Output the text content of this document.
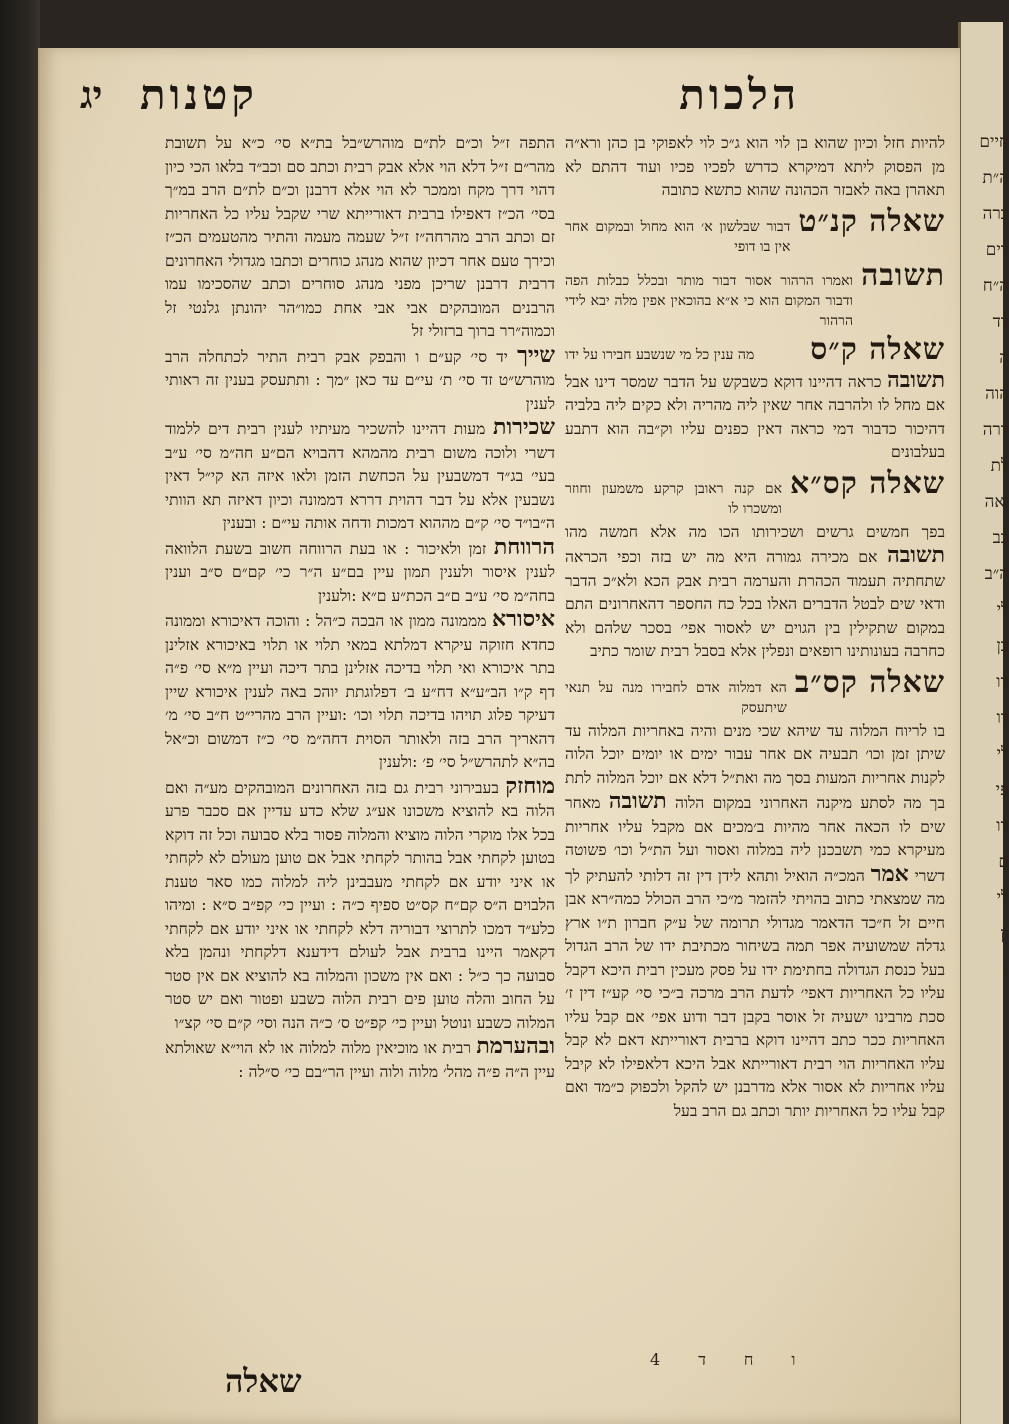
חיים
ה״ת
ברה
דים
ה״ח
דד
ה
הוה
דרה
לת
ואה
בב
ה״ב
לי
בן
רו
דו
לי
פי
רו
ם
לי
ון
ן
הלכות
קטנות
יג

להיות חזל וכיון שהוא בן לוי הוא ג״כ לוי לאפוקי בן כהן ורא״ה מן הפסוק ליתא דמיקרא כדרש לפכיו פכיו ועוד דהתם לא תאהרן באה לאבזר הכהונה שהוא כתשא כתובה

שאלה קנ״ט
דבור שבלשון א׳ הוא מחול ובמקום אחר אין בו דופי
תשובה
ואמרו הרהור אסור דבור מותר ובכלל כבלות הפה ודבור המקום הוא כי א״א בהוכאין אפין מלה יבא לידי הרהור
שאלה ק״ס
מה ענין כל מי שנשבע חבירו על ידו

תשובה כראה דהיינו דוקא כשבקש על הדבר שמסר דינו אבל אם מחל לו ולהרבה אחר שאין ליה מהריה ולא כקים ליה בלביה דהיכור כדבור דמי כראה דאין כפנים עליו וק״בה הוא דתבע בעלבונים

שאלה קס״א
אם קנה ראובן קרקע משמעון וחוזר ומשכרו לו

בפך חמשים גרשים ושכירותו הכו מה אלא חמשה מהו תשובה אם מכירה גמורה היא מה יש בזה וכפי הכראה שתחתיה תעמוד הכהרת והערמה רבית אבק הכא ולא״כ הדבר ודאי שים לבטל הדברים האלו בכל כח החספר דהאחרונים התם במקום שתקילין בין הגוים יש לאסור אפי׳ בסכר שלהם ולא כחרבה בעונותינו רופאים ונפלין אלא בסבל רבית שומר כתיב

שאלה קס״ב
הא דמלוה אדם לחבירו מנה על תנאי שיתעסק

בו לריוח המלוה עד שיהא שכי מנים והיה באחריות המלוה עד שיתן זמן וכו׳ תבעיה אם אחר עבור ימים או יומים יוכל הלוה לקנות אחריות המעות בסך מה ואת״ל דלא אם יוכל המלוה לתת בך מה לסתע מיקנה האחרוני במקום הלוה תשובה מאחר שים לו הכאה אחר מהיות ב׳מכים אם מקבל עליו אחריות מעיקרא כמי תשבכנן ליה במלוה ואסור ועל הת״ל וכו׳ פשוטה דשרי אמר המכ״ה הואיל ותהא לידן דין זה דלותי להעתיק לך מה שמצאתי כתוב בהויתי להזמר מ״כי הרב הכולל כמה״רא אבן חיים זל ח״כד הדאמר מגדולי תרומה של ע״ק חברון ת״ו ארץ גדלה שמשועיה אפר תמה בשיחור מכתיבת ידו של הרב הגדול בעל כנסת הגדולה בחתימת ידו על פסק מעכין רבית היכא דקבל עליו כל האחריות דאפי׳ לדעת הרב מרכה ב״כי סי׳ קע״ז דין ז׳ סכת מרבינו ישעיה זל אוסר בקבן דבר ודוע אפי׳ אם קבל עליו האחריות ככר כתב דהיינו דוקא ברבית דאורייתא דאם לא קבל עליו האחריות הוי רבית דאורייתא אבל היכא דלאפילו לא קיבל עליו אחריות לא אסור אלא מדרבנן יש להקל ולכפוק כ״מד ואם קבל עליו כל האחריות יותר וכתב גם הרב בעל

התפה ז״ל וכ״ם לת״ם מוהרש״בל בת״א סי׳ כ״א על תשובת מהר״ם ז״ל דלא הוי אלא אבק רבית וכתב סם וכב״ד בלאו הכי כיון דהוי דרך מקח וממכר לא הוי אלא דרבנן וכ״ם לת״ם הרב במ״ך בסי׳ הכ״ז דאפילו ברבית דאורייתא שרי שקבל עליו כל האחריות זם וכתב הרב מהרחה״ז ז״ל שעמה מעמה והתיר מהטעמים הכ״ז וכירך טעם אחר דכיון שהוא מנהג כוחרים וכתבו מגדולי האחרונים דרבית דרבנן שריכן מפני מנהג סוחרים וכתב שהסכימו עמו הרבנים המובהקים אבי אבי אחת כמו״הר יהונתן גלנטי זל וכמוה״רר ברוך ברזולי זל

שייך יד סי׳ קע״ם ו והבפק אבק רבית התיר לכתחלה הרב מוהרש״ט זד סי׳ ת׳ עי״ם עד כאן ״מך : ותתעסק בענין זה ראותי לענין

שכירות מעות דהיינו להשכיר מעיתיו לענין רבית דים ללמוד דשרי ולוכה משום רבית מהמהא דהבויא הם״ע חה״מ סי׳ ע״ב בעי׳ בג״ד דמשבעין על הכחשת הזמן ולאו איזה הא קי״ל דאין נשבעין אלא על דבר דהוית דררא דממונה וכיון דאיזה תא הוותי ה״בו״ד סי׳ ק״ם מההוא דמכות ודחה אותה עי״ם : ובענין

הרווחת זמן ולאיכור : או בעת הרווחה חשוב בשעת הלוואה לענין איסור ולענין תמון עיין בם״ע ה״ר כי׳ קם״ם ס״ב וענין בחה״מ סי׳ ע״ב ם״ב הכת״ע ם״א :ולענין

איסורא מממונה ממון או הבכה כ״הל : והוכה דאיכורא וממונה כחדא חזוקה עיקרא דמלתא במאי תלוי או תלוי באיכורא אזלינן בתר איכורא ואי תלוי בדיכה אזלינן בתר דיכה ועיין מ״א סי׳ פ״ה דף ק״ו הב״ע״א דח״ע ב׳ דפלוגתת יוהכ באה לענין איכורא שיין דעיקר פלוג תויהו בדיכה תלוי וכו׳ :ועיין הרב מהרי״ט ח״ב סי׳ מ׳ דהאריך הרב בזה ולאותר הסוית דחה״מ סי׳ כ״ז דמשום וכ״אל בה״א לתהרש״ל סי׳ פ׳ :ולענין

מוחזק בעבירוני רבית גם בזה האחרונים המובהקים מע״ה ואם הלוה בא להוציא משכונו אע״ג שלא כדע עדיין אם סכבר פרע בכל אלו מוקרי הלוה מוציא והמלוה פסור בלא סבועה וכל זה דוקא בטוען לקחתי אבל בהותר לקחתי אבל אם טוען מעולם לא לקחתי או איני יודע אם לקחתי מעבבינן ליה למלוה כמו סאר טענת הלבוים ה״ס קם״ח קס״ט ספיף כ״ה : ועיין כי׳ קפ״ב ס״א : ומיהו כלע״ד דמכו לתרוצי דבוריה דלא לקחתי או איני יודע אם לקחתי דקאמר היינו ברבית אבל לעולם דידענא דלקחתי ונהמן בלא סבועה כך כ״ל : ואם אין משכון והמלוה בא להוציא אם אין סטר על החוב והלה טוען פים רבית הלוה כשבע ופטור ואם יש סטר המלוה כשבע ונוטל ועיין כי׳ קפ״ט ס׳ כ״ה הנה וסי׳ ק״ם סי׳ קצ״ו

ובהערמת רבית או מוכיאין מלוה למלוה או לא הוי״א שאולתא עיין ה״ה פ״ה מהל׳ מלוה ולוה ועיין הר״בם כי׳ ס״לה :

שאלה
4	וחד
